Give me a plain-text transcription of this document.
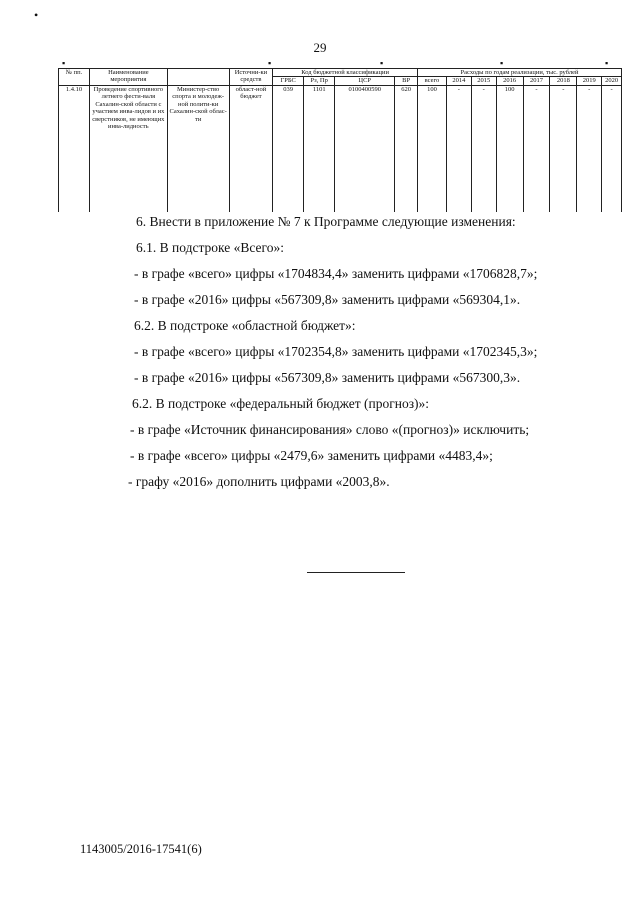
•
29
▪	▪	▪	▪	▪
№ пп.	Наименование мероприятия		Источни-ки средств	Код бюджетной классификации				Расходы по годам реализации, тыс. рублей							
				ГРБС	Рз, Пр	ЦСР	ВР	всего	2014	2015	2016	2017	2018	2019	2020
1.4.10	Проведение спортивного летнего фести-валя Сахалин-ской области с участием инва-лидов и их сверстников, не имеющих инва-лидность	Министер-ство спорта и молодеж-ной полити-ки Сахалин-ской облас-ти	област-ной бюджет	039	1101	0100400590	620	100	-	-	100	-	-	-	-
6. Внести в приложение № 7 к Программе следующие изменения:
6.1. В подстроке «Всего»:
- в графе «всего» цифры «1704834,4» заменить цифрами «1706828,7»;
- в графе «2016» цифры «567309,8» заменить цифрами «569304,1».
6.2. В подстроке «областной бюджет»:
- в графе «всего» цифры «1702354,8» заменить цифрами «1702345,3»;
- в графе «2016» цифры «567309,8» заменить цифрами «567300,3».
6.2. В подстроке «федеральный бюджет (прогноз)»:
- в графе «Источник финансирования» слово «(прогноз)» исключить;
- в графе «всего» цифры «2479,6» заменить цифрами «4483,4»;
- графу «2016» дополнить цифрами «2003,8».
1143005/2016-17541(6)
